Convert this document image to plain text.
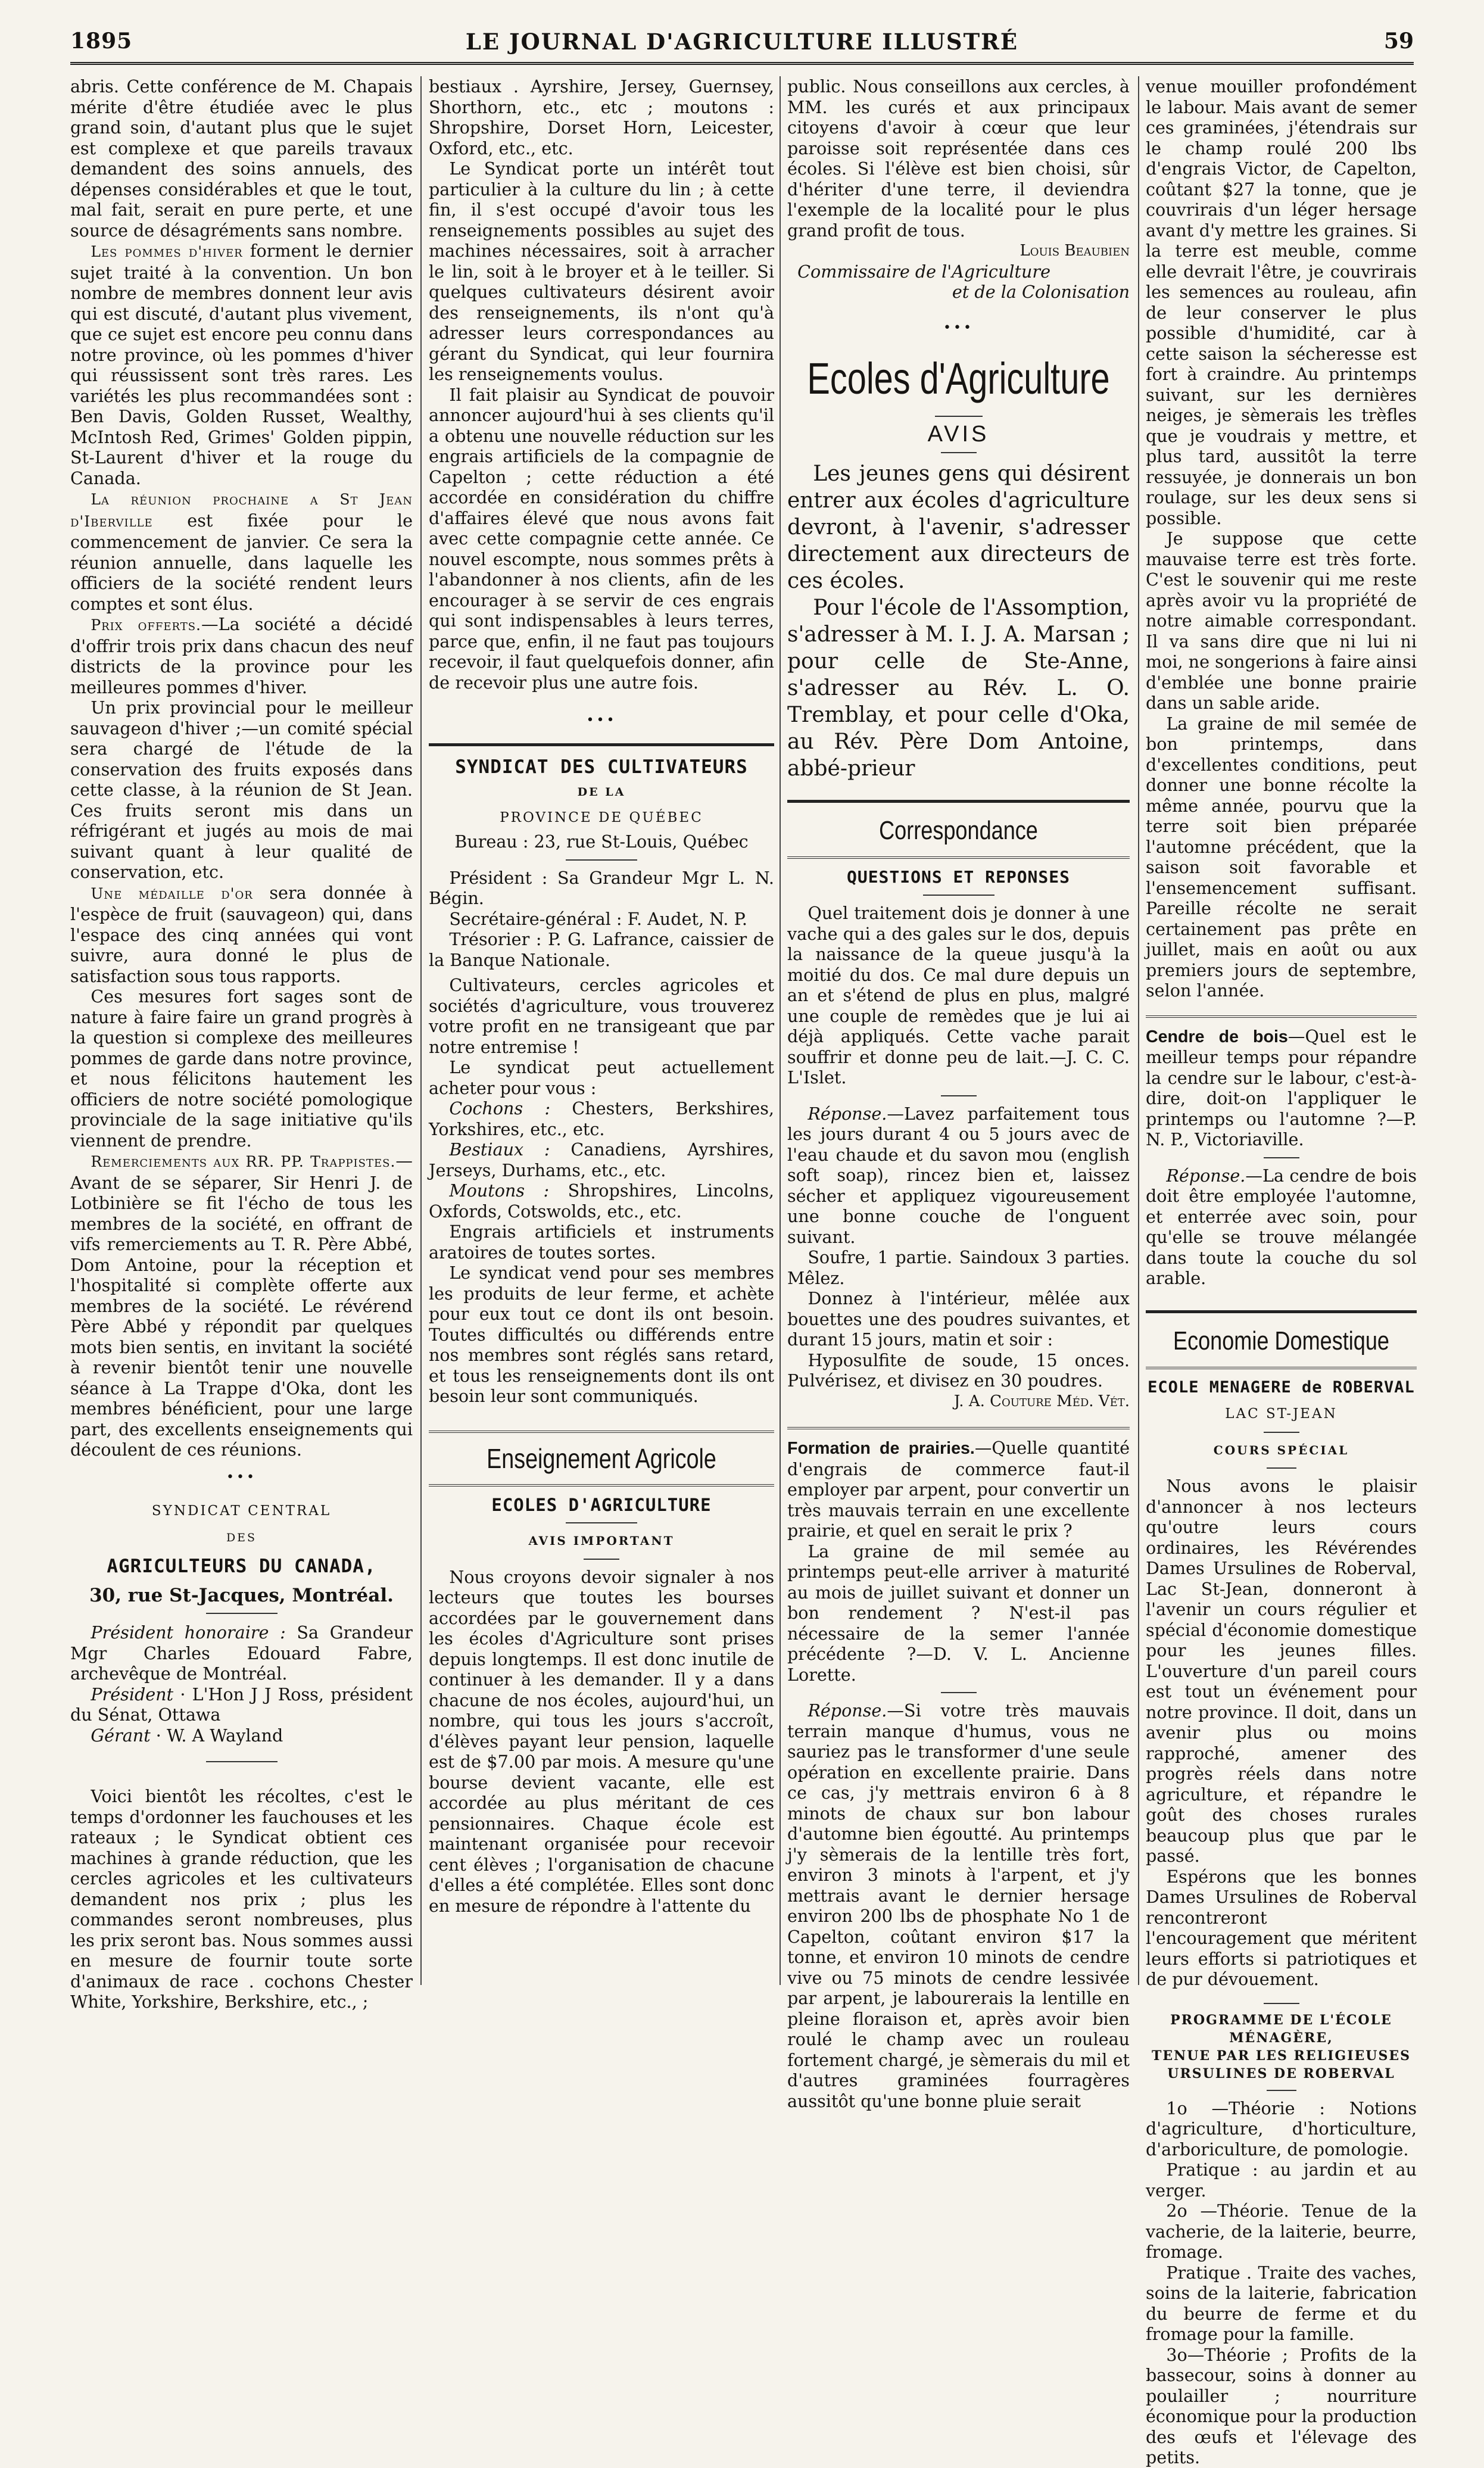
1895	LE JOURNAL D'AGRICULTURE ILLUSTRÉ	59

abris. Cette conférence de M. Chapais mérite d'être étudiée avec le plus grand soin, d'autant plus que le sujet est complexe et que pareils travaux demandent des soins annuels, des dépenses considérables et que le tout, mal fait, serait en pure perte, et une source de désagréments sans nombre.

Les pommes d'hiver forment le dernier sujet traité à la convention. Un bon nombre de membres donnent leur avis qui est discuté, d'autant plus vivement, que ce sujet est encore peu connu dans notre province, où les pommes d'hiver qui réussissent sont très rares. Les variétés les plus recommandées sont : Ben Davis, Golden Russet, Wealthy, McIntosh Red, Grimes' Golden pippin, St-Laurent d'hiver et la rouge du Canada.

La réunion prochaine a St Jean d'Iberville est fixée pour le commencement de janvier. Ce sera la réunion annuelle, dans laquelle les officiers de la société rendent leurs comptes et sont élus.

Prix offerts.—La société a décidé d'offrir trois prix dans chacun des neuf districts de la province pour les meilleures pommes d'hiver.

Un prix provincial pour le meilleur sauvageon d'hiver ;—un comité spécial sera chargé de l'étude de la conservation des fruits exposés dans cette classe, à la réunion de St Jean. Ces fruits seront mis dans un réfrigérant et jugés au mois de mai suivant quant à leur qualité de conservation, etc.

Une médaille d'or sera donnée à l'espèce de fruit (sauvageon) qui, dans l'espace des cinq années qui vont suivre, aura donné le plus de satisfaction sous tous rapports.

Ces mesures fort sages sont de nature à faire faire un grand progrès à la question si complexe des meilleures pommes de garde dans notre province, et nous félicitons hautement les officiers de notre société pomologique provinciale de la sage initiative qu'ils viennent de prendre.

Remerciements aux RR. PP. Trappistes.—Avant de se séparer, Sir Henri J. de Lotbinière se fit l'écho de tous les membres de la société, en offrant de vifs remerciements au T. R. Père Abbé, Dom Antoine, pour la réception et l'hospitalité si complète offerte aux membres de la société. Le révérend Père Abbé y répondit par quelques mots bien sentis, en invitant la société à revenir bientôt tenir une nouvelle séance à La Trappe d'Oka, dont les membres bénéficient, pour une large part, des excellents enseignements qui découlent de ces réunions.

•••

SYNDICAT CENTRAL

DES

AGRICULTEURS DU CANADA,

30, rue St-Jacques, Montréal.

Président honoraire : Sa Grandeur Mgr Charles Edouard Fabre, archevêque de Montréal.

Président · L'Hon J J Ross, président du Sénat, Ottawa

Gérant · W. A Wayland

Voici bientôt les récoltes, c'est le temps d'ordonner les fauchouses et les rateaux ; le Syndicat obtient ces machines à grande réduction, que les cercles agricoles et les cultivateurs demandent nos prix ; plus les commandes seront nombreuses, plus les prix seront bas. Nous sommes aussi en mesure de fournir toute sorte d'animaux de race . cochons Chester White, Yorkshire, Berkshire, etc., ;

bestiaux . Ayrshire, Jersey, Guernsey, Shorthorn, etc., etc ; moutons : Shropshire, Dorset Horn, Leicester, Oxford, etc., etc.

Le Syndicat porte un intérêt tout particulier à la culture du lin ; à cette fin, il s'est occupé d'avoir tous les renseignements possibles au sujet des machines nécessaires, soit à arracher le lin, soit à le broyer et à le teiller. Si quelques cultivateurs désirent avoir des renseignements, ils n'ont qu'à adresser leurs correspondances au gérant du Syndicat, qui leur fournira les renseignements voulus.

Il fait plaisir au Syndicat de pouvoir annoncer aujourd'hui à ses clients qu'il a obtenu une nouvelle réduction sur les engrais artificiels de la compagnie de Capelton ; cette réduction a été accordée en considération du chiffre d'affaires élevé que nous avons fait avec cette compagnie cette année. Ce nouvel escompte, nous sommes prêts à l'abandonner à nos clients, afin de les encourager à se servir de ces engrais qui sont indispensables à leurs terres, parce que, enfin, il ne faut pas toujours recevoir, il faut quelquefois donner, afin de recevoir plus une autre fois.

•••

SYNDICAT DES CULTIVATEURS

DE LA

PROVINCE DE QUÉBEC

Bureau : 23, rue St-Louis, Québec

Président : Sa Grandeur Mgr L. N. Bégin.

Secrétaire-général : F. Audet, N. P.

Trésorier : P. G. Lafrance, caissier de la Banque Nationale.

Cultivateurs, cercles agricoles et sociétés d'agriculture, vous trouverez votre profit en ne transigeant que par notre entremise !

Le syndicat peut actuellement acheter pour vous :

Cochons : Chesters, Berkshires, Yorkshires, etc., etc.

Bestiaux : Canadiens, Ayrshires, Jerseys, Durhams, etc., etc.

Moutons : Shropshires, Lincolns, Oxfords, Cotswolds, etc., etc.

Engrais artificiels et instruments aratoires de toutes sortes.

Le syndicat vend pour ses membres les produits de leur ferme, et achète pour eux tout ce dont ils ont besoin. Toutes difficultés ou différends entre nos membres sont réglés sans retard, et tous les renseignements dont ils ont besoin leur sont communiqués.

Enseignement Agricole

ECOLES D'AGRICULTURE

AVIS IMPORTANT

Nous croyons devoir signaler à nos lecteurs que toutes les bourses accordées par le gouvernement dans les écoles d'Agriculture sont prises depuis longtemps. Il est donc inutile de continuer à les demander. Il y a dans chacune de nos écoles, aujourd'hui, un nombre, qui tous les jours s'accroît, d'élèves payant leur pension, laquelle est de $7.00 par mois. A mesure qu'une bourse devient vacante, elle est accordée au plus méritant de ces pensionnaires. Chaque école est maintenant organisée pour recevoir cent élèves ; l'organisation de chacune d'elles a été complétée. Elles sont donc en mesure de répondre à l'attente du

public. Nous conseillons aux cercles, à MM. les curés et aux principaux citoyens d'avoir à cœur que leur paroisse soit représentée dans ces écoles. Si l'élève est bien choisi, sûr d'hériter d'une terre, il deviendra l'exemple de la localité pour le plus grand profit de tous.

Louis Beaubien

Commissaire de l'Agriculture

et de la Colonisation

•••

Ecoles d'Agriculture

AVIS

Les jeunes gens qui désirent entrer aux écoles d'agriculture devront, à l'avenir, s'adresser directement aux directeurs de ces écoles.

Pour l'école de l'Assomption, s'adresser à M. I. J. A. Marsan ; pour celle de Ste-Anne, s'adresser au Rév. L. O. Tremblay, et pour celle d'Oka, au Rév. Père Dom Antoine, abbé-prieur

Correspondance

QUESTIONS ET REPONSES

Quel traitement dois je donner à une vache qui a des gales sur le dos, depuis la naissance de la queue jusqu'à la moitié du dos. Ce mal dure depuis un an et s'étend de plus en plus, malgré une couple de remèdes que je lui ai déjà appliqués. Cette vache parait souffrir et donne peu de lait.—J. C. C. L'Islet.

Réponse.—Lavez parfaitement tous les jours durant 4 ou 5 jours avec de l'eau chaude et du savon mou (english soft soap), rincez bien et, laissez sécher et appliquez vigoureusement une bonne couche de l'onguent suivant.

Soufre, 1 partie. Saindoux 3 parties. Mêlez.

Donnez à l'intérieur, mêlée aux bouettes une des poudres suivantes, et durant 15 jours, matin et soir :

Hyposulfite de soude, 15 onces. Pulvérisez, et divisez en 30 poudres.

J. A. Couture Méd. Vét.

Formation de prairies.—Quelle quantité d'engrais de commerce faut-il employer par arpent, pour convertir un très mauvais terrain en une excellente prairie, et quel en serait le prix ?

La graine de mil semée au printemps peut-elle arriver à maturité au mois de juillet suivant et donner un bon rendement ? N'est-il pas nécessaire de la semer l'année précédente ?—D. V. L. Ancienne Lorette.

Réponse.—Si votre très mauvais terrain manque d'humus, vous ne sauriez pas le transformer d'une seule opération en excellente prairie. Dans ce cas, j'y mettrais environ 6 à 8 minots de chaux sur bon labour d'automne bien égoutté. Au printemps j'y sèmerais de la lentille très fort, environ 3 minots à l'arpent, et j'y mettrais avant le dernier hersage environ 200 lbs de phosphate No 1 de Capelton, coûtant environ $17 la tonne, et environ 10 minots de cendre vive ou 75 minots de cendre lessivée par arpent, je labourerais la lentille en pleine floraison et, après avoir bien roulé le champ avec un rouleau fortement chargé, je sèmerais du mil et d'autres graminées fourragères aussitôt qu'une bonne pluie serait

venue mouiller profondément le labour. Mais avant de semer ces graminées, j'étendrais sur le champ roulé 200 lbs d'engrais Victor, de Capelton, coûtant $27 la tonne, que je couvrirais d'un léger hersage avant d'y mettre les graines. Si la terre est meuble, comme elle devrait l'être, je couvrirais les semences au rouleau, afin de leur conserver le plus possible d'humidité, car à cette saison la sécheresse est fort à craindre. Au printemps suivant, sur les dernières neiges, je sèmerais les trèfles que je voudrais y mettre, et plus tard, aussitôt la terre ressuyée, je donnerais un bon roulage, sur les deux sens si possible.

Je suppose que cette mauvaise terre est très forte. C'est le souvenir qui me reste après avoir vu la propriété de notre aimable correspondant. Il va sans dire que ni lui ni moi, ne songerions à faire ainsi d'emblée une bonne prairie dans un sable aride.

La graine de mil semée de bon printemps, dans d'excellentes conditions, peut donner une bonne récolte la même année, pourvu que la terre soit bien préparée l'automne précédent, que la saison soit favorable et l'ensemencement suffisant. Pareille récolte ne serait certainement pas prête en juillet, mais en août ou aux premiers jours de septembre, selon l'année.

Cendre de bois—Quel est le meilleur temps pour répandre la cendre sur le labour, c'est-à-dire, doit-on l'appliquer le printemps ou l'automne ?—P. N. P., Victoriaville.

Réponse.—La cendre de bois doit être employée l'automne, et enterrée avec soin, pour qu'elle se trouve mélangée dans toute la couche du sol arable.

Economie Domestique

ECOLE MENAGERE de ROBERVAL

LAC ST-JEAN

COURS SPÉCIAL

Nous avons le plaisir d'annoncer à nos lecteurs qu'outre leurs cours ordinaires, les Révérendes Dames Ursulines de Roberval, Lac St-Jean, donneront à l'avenir un cours régulier et spécial d'économie domestique pour les jeunes filles. L'ouverture d'un pareil cours est tout un événement pour notre province. Il doit, dans un avenir plus ou moins rapproché, amener des progrès réels dans notre agriculture, et répandre le goût des choses rurales beaucoup plus que par le passé.

Espérons que les bonnes Dames Ursulines de Roberval rencontreront l'encouragement que méritent leurs efforts si patriotiques et de pur dévouement.

PROGRAMME DE L'ÉCOLE MÉNAGÈRE,

TENUE PAR LES RELIGIEUSES

URSULINES DE ROBERVAL

1o —Théorie : Notions d'agriculture, d'horticulture, d'arboriculture, de pomologie.

Pratique : au jardin et au verger.

2o —Théorie. Tenue de la vacherie, de la laiterie, beurre, fromage.

Pratique . Traite des vaches, soins de la laiterie, fabrication du beurre de ferme et du fromage pour la famille.

3o—Théorie ; Profits de la bassecour, soins à donner au poulailler ; nourriture économique pour la production des œufs et l'élevage des petits.
